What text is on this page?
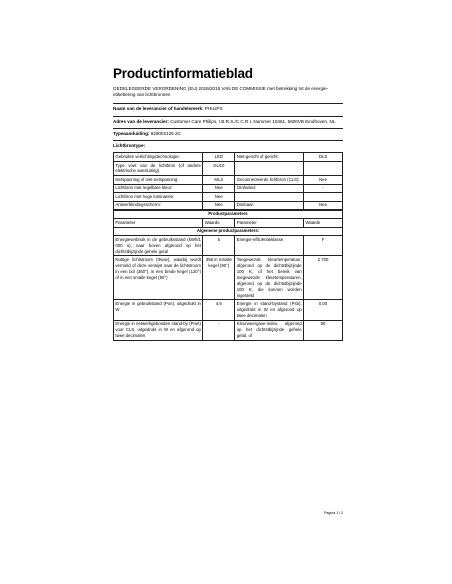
Productinformatieblad
GEDELEGEERDE VERORDENING (EU) 2019/2015 VAN DE COMMISSIE met betrekking tot de energie-etikettering van lichtbronnen
Naam van de leverancier of handelsmerk: PHILIPS
Adres van de leverancier: Customer Care Philips, I.B.R.S./C.C.R.I. Nummer 10461, 5600VB Eindhoven, NL
Typeaanduiding: 929002125 2C
Lichtbrontype:
Gebruikte verlichtingstechnologie:	LED	Niet-gericht of gericht:	DLS
Type voet van de lichtbron (of andere elektrische aansluiting)	GU10		
Netspanning of niet-netspanning:	MLS	Geconnecteerde lichtbron (CLS):	Nee
Lichtbron met regelbare kleur:	Nee	Omhulsel:	-
Lichtbron met hoge luminantie:	Nee		
Antiverblindingsscherm:	Nee	Dimbaar:	Nee
Productparameters			
Parameter	Waarde	Parameter	Waarde
Algemene productparameters:			
Energieverbruik in de gebruiksstand (kWh/1 000 u), naar boven afgerond op het dichtstbijzijnde gehele getal	5	Energie-efficiëntieklasse	F
Nuttige lichtstroom (Φuse), waarbij wordt vermeld of deze verwijst naar de lichtstroom in een bol (360°), in een brede kegel (120°) of in een smalle kegel (90°)	355 in Smalle kegel (90°)	Toegewezde kleurtemperatuur, afgerond op de dichtstbijzijnde 100 K, of het bereik van toegewezde kleurtemperaturen, afgerond op de dichtstbijzijnde 100 K, die kunnen worden ingesteld	2 700
Energie in gebruikstand (Pon), uitgedrukt in W	4,6	Energie in stand-bystand (Psb), uitgedrukt in W en afgerond op twee decimalen	0,00
Energie in netwerkgebonden stand-by (Pnet) voor CLS, uitgedrukt in W en afgerond op twee decimalen	-	Kleurweergave-index, afgerond op het dichtstbijzijnde gehele getal, of	80
Pagina 1 / 2
